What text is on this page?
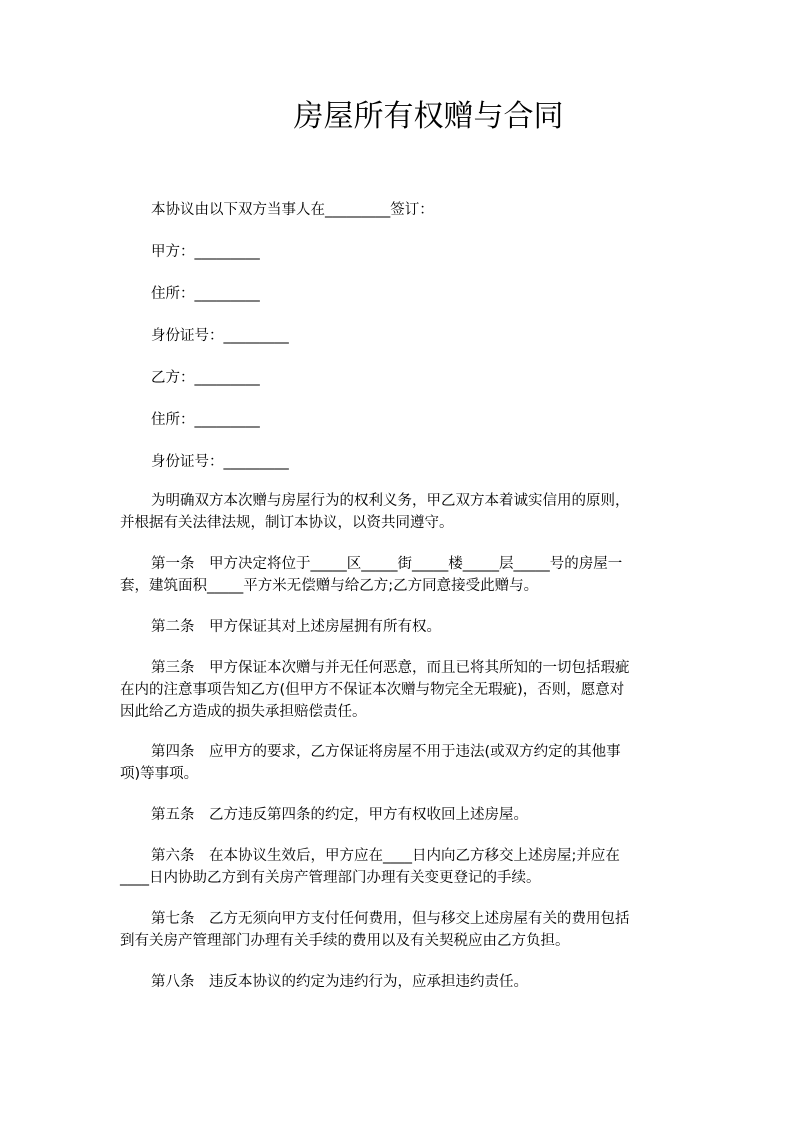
房屋所有权赠与合同
本协议由以下双方当事人在_________签订：
甲方：_________
住所：_________
身份证号：_________
乙方：_________
住所：_________
身份证号：_________
为明确双方本次赠与房屋行为的权利义务，甲乙双方本着诚实信用的原则，
并根据有关法律法规，制订本协议，以资共同遵守。
第一条　甲方决定将位于_____区_____街_____楼_____层_____号的房屋一
套，建筑面积_____平方米无偿赠与给乙方;乙方同意接受此赠与。
第二条　甲方保证其对上述房屋拥有所有权。
第三条　甲方保证本次赠与并无任何恶意，而且已将其所知的一切包括瑕疵
在内的注意事项告知乙方(但甲方不保证本次赠与物完全无瑕疵)，否则，愿意对
因此给乙方造成的损失承担赔偿责任。
第四条　应甲方的要求，乙方保证将房屋不用于违法(或双方约定的其他事
项)等事项。
第五条　乙方违反第四条的约定，甲方有权收回上述房屋。
第六条　在本协议生效后，甲方应在____日内向乙方移交上述房屋;并应在
____日内协助乙方到有关房产管理部门办理有关变更登记的手续。
第七条　乙方无须向甲方支付任何费用，但与移交上述房屋有关的费用包括
到有关房产管理部门办理有关手续的费用以及有关契税应由乙方负担。
第八条　违反本协议的约定为违约行为，应承担违约责任。
